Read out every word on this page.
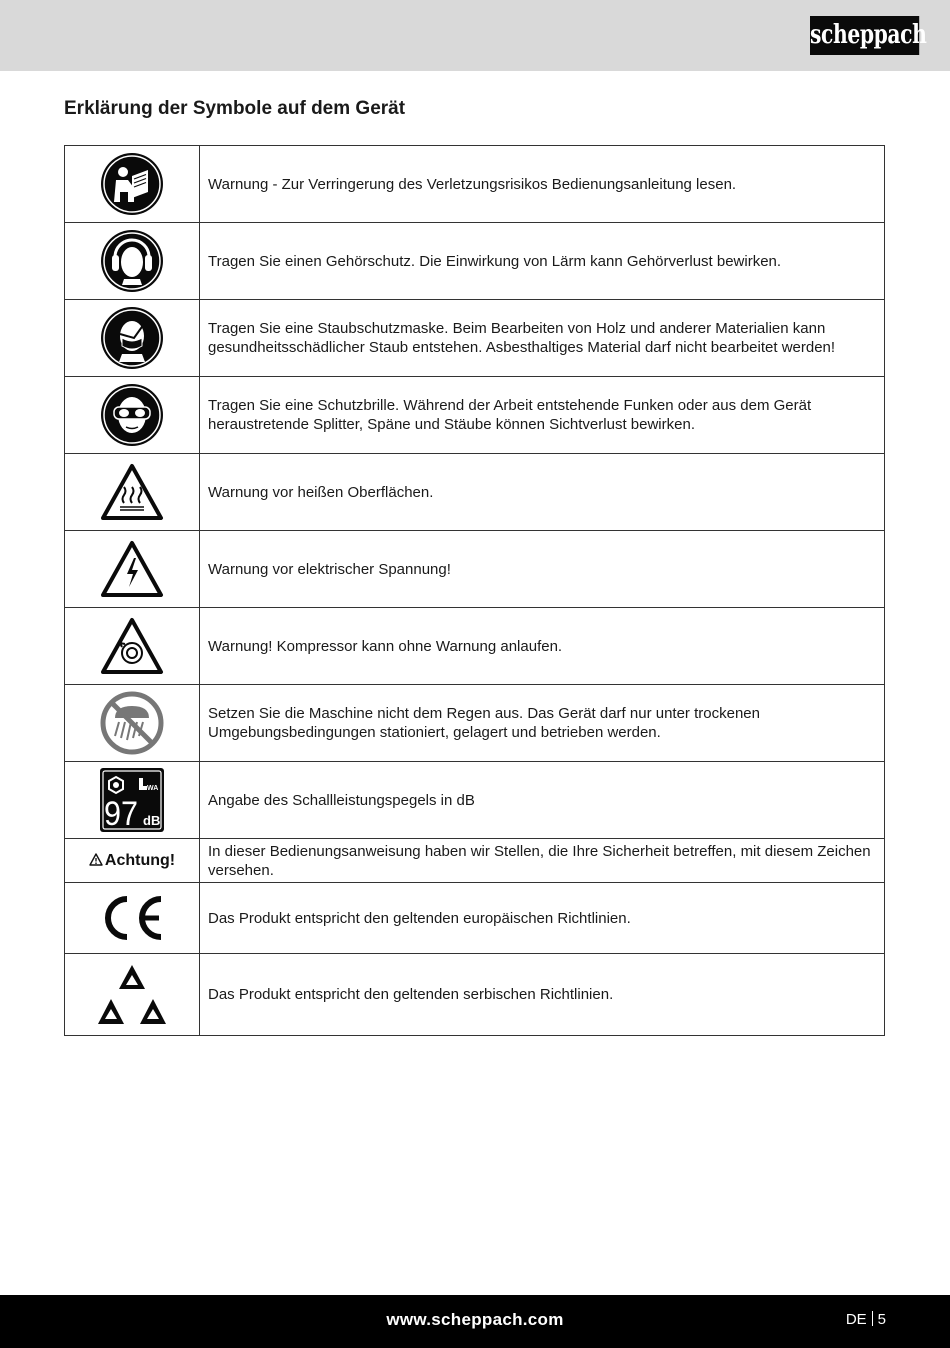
scheppach
Erklärung der Symbole auf dem Gerät
	Warnung - Zur Verringerung des Verletzungsrisikos Bedienungsanleitung lesen.

	Tragen Sie einen Gehörschutz. Die Einwirkung von Lärm kann Gehörverlust bewirken.

	Tragen Sie eine Staubschutzmaske. Beim Bearbeiten von Holz und anderer Materialien kann gesundheitsschädlicher Staub entstehen. Asbesthaltiges Material darf nicht bearbeitet werden!

	Tragen Sie eine Schutzbrille. Während der Arbeit entstehende Funken oder aus dem Gerät heraustretende Splitter, Späne und Stäube können Sichtverlust bewirken.

	Warnung vor heißen Oberflächen.

	Warnung vor elektrischer Spannung!

	Warnung! Kompressor kann ohne Warnung anlaufen.

	Setzen Sie die Maschine nicht dem Regen aus. Das Gerät darf nur unter trockenen Umgebungsbedingungen stationiert, gelagert und betrieben werden.

WA
97 dB	Angabe des Schallleistungspegels in dB
Achtung!	In dieser Bedienungsanweisung haben wir Stellen, die Ihre Sicherheit betreffen, mit diesem Zeichen versehen.

	Das Produkt entspricht den geltenden europäischen Richtlinien.

	Das Produkt entspricht den geltenden serbischen Richtlinien.
www.scheppach.com	DE 5
